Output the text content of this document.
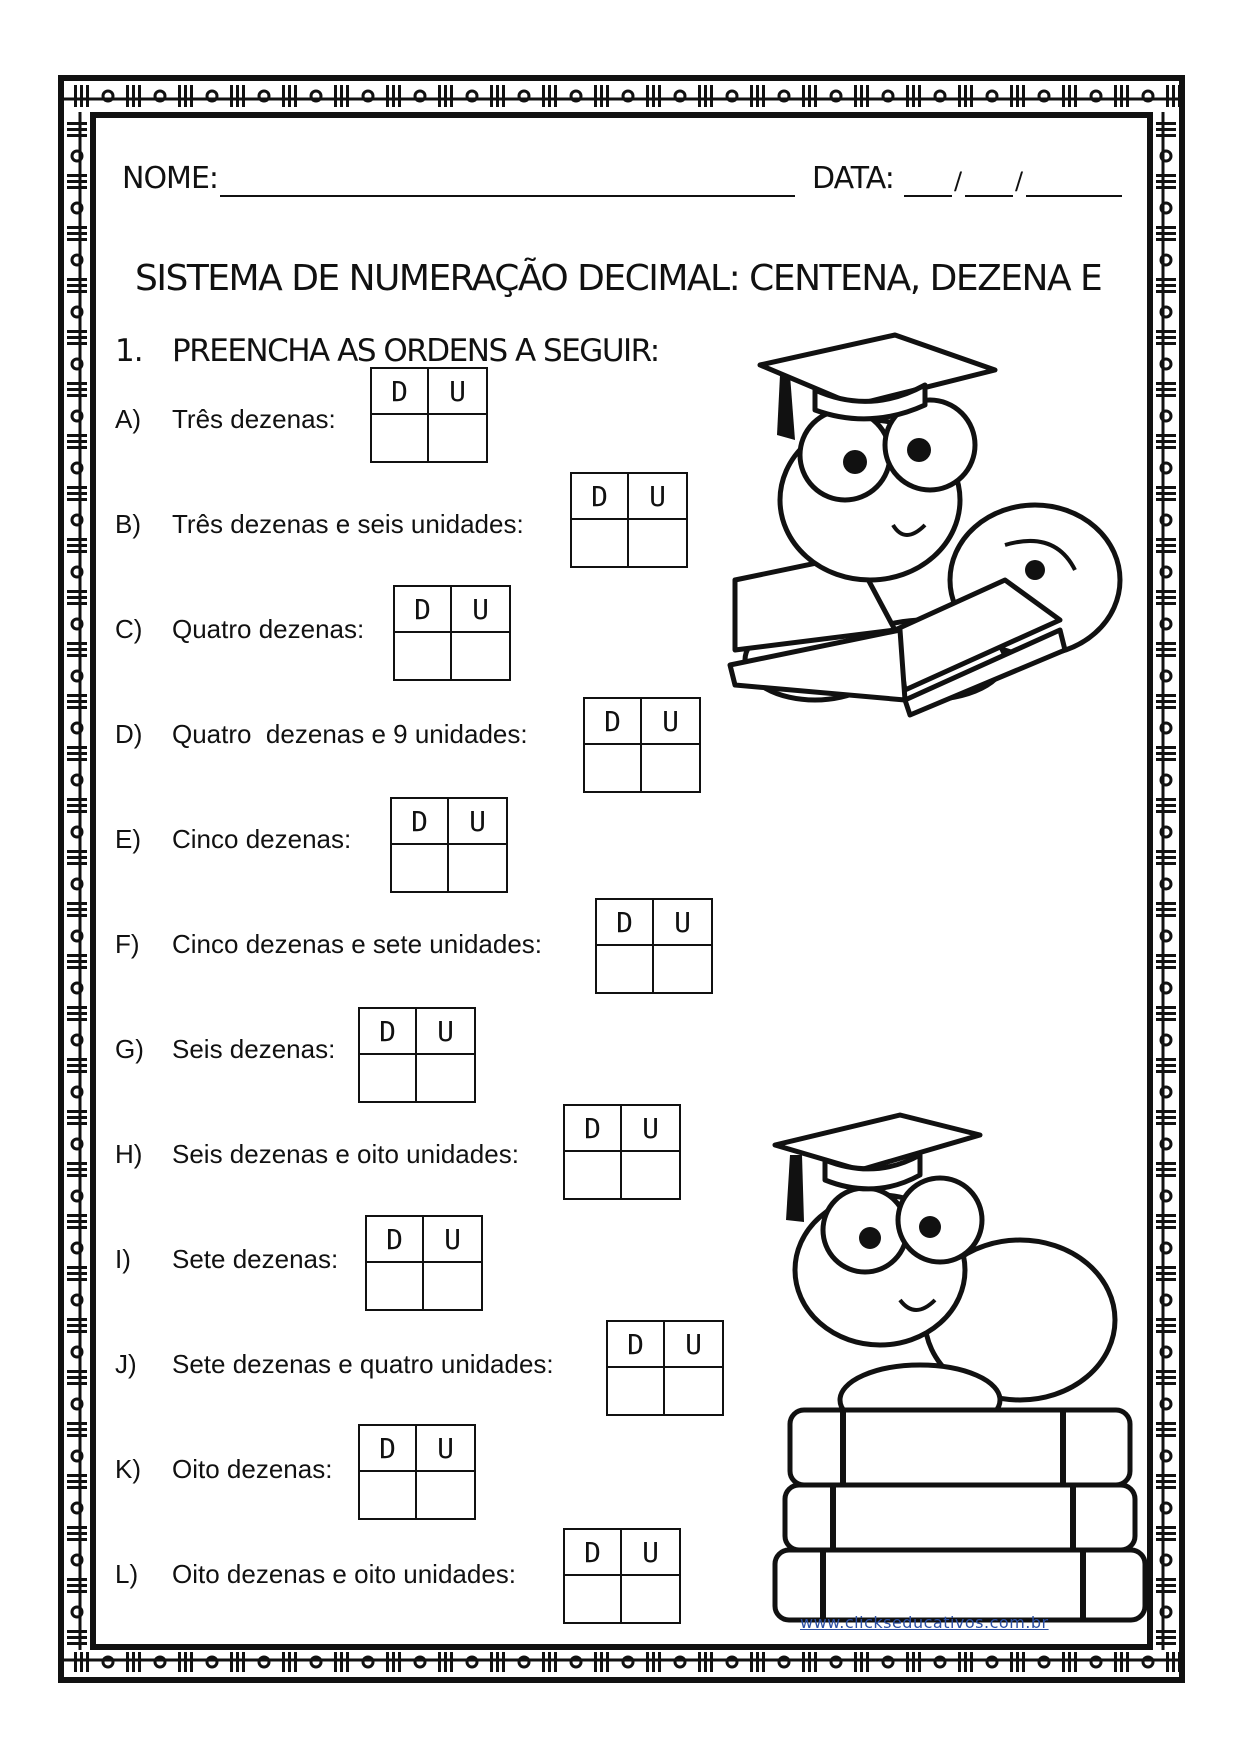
NOME:	DATA:	/ /
SISTEMA DE NUMERAÇÃO DECIMAL: CENTENA, DEZENA E
1. PREENCHA AS ORDENS A SEGUIR:
A) Três dezenas:
D	U
B) Três dezenas e seis unidades:
D	U
C) Quatro dezenas:
D	U
D) Quatro  dezenas e 9 unidades:	D	U
E) Cinco dezenas:
D	U
F) Cinco dezenas e sete unidades:
D	U
G) Seis dezenas:
D	U
H) Seis dezenas e oito unidades:
D	U
I) Sete dezenas:
D	U
J) Sete dezenas e quatro unidades:
D	U
K) Oito dezenas:
D	U
L) Oito dezenas e oito unidades:
D	U
www.clickseducativos.com.br
